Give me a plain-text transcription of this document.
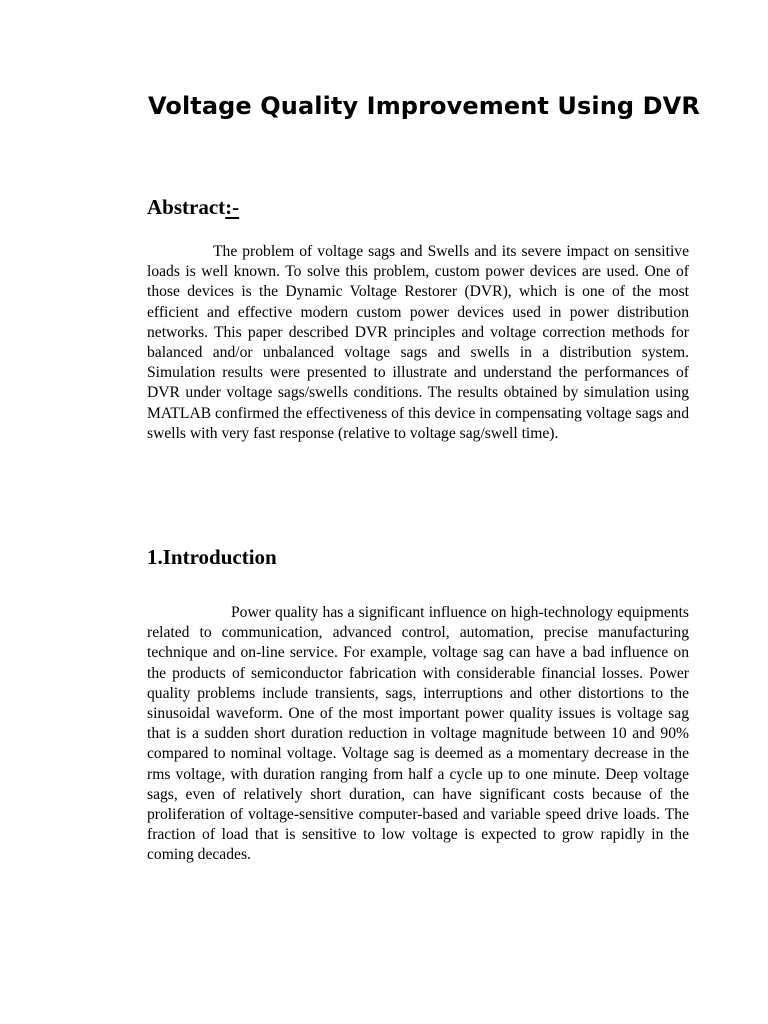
Voltage Quality Improvement Using DVR
Abstract:-

The problem of voltage sags and Swells and its severe impact on sensitive loads is well known. To solve this problem, custom power devices are used. One of those devices is the Dynamic Voltage Restorer (DVR), which is one of the most efficient and effective modern custom power devices used in power distribution networks. This paper described DVR principles and voltage correction methods for balanced and/or unbalanced voltage sags and swells in a distribution system. Simulation results were presented to illustrate and understand the performances of DVR under voltage sags/swells conditions. The results obtained by simulation using MATLAB confirmed the effectiveness of this device in compensating voltage sags and swells with very fast response (relative to voltage sag/swell time).

1.Introduction

Power quality has a significant influence on high-technology equipments related to communication, advanced control, automation, precise manufacturing technique and on-line service. For example, voltage sag can have a bad influence on the products of semiconductor fabrication with considerable financial losses. Power quality problems include transients, sags, interruptions and other distortions to the sinusoidal waveform. One of the most important power quality issues is voltage sag that is a sudden short duration reduction in voltage magnitude between 10 and 90% compared to nominal voltage. Voltage sag is deemed as a momentary decrease in the rms voltage, with duration ranging from half a cycle up to one minute. Deep voltage sags, even of relatively short duration, can have significant costs because of the proliferation of voltage-sensitive computer-based and variable speed drive loads. The fraction of load that is sensitive to low voltage is expected to grow rapidly in the coming decades.
